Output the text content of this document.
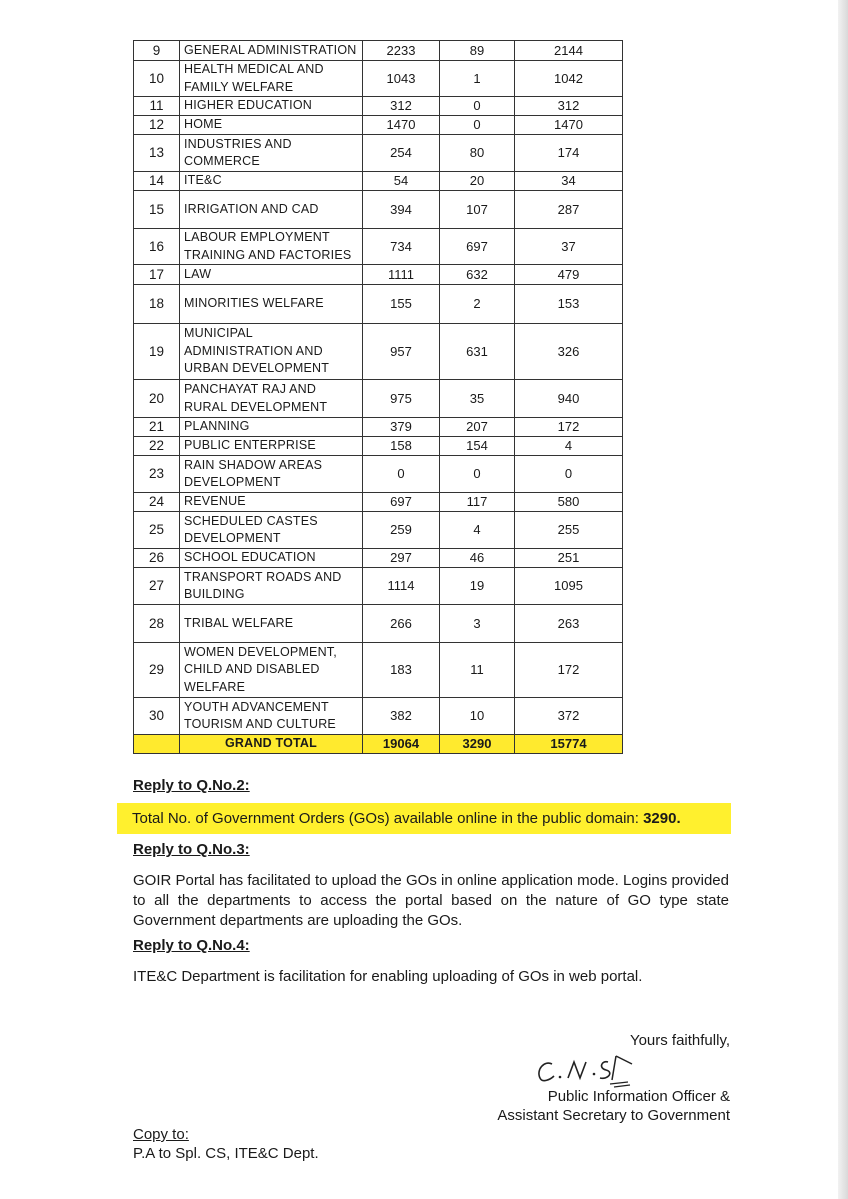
9	GENERAL ADMINISTRATION	2233	89	2144
10	HEALTH MEDICAL AND FAMILY WELFARE	1043	1	1042
11	HIGHER EDUCATION	312	0	312
12	HOME	1470	0	1470
13	INDUSTRIES AND COMMERCE	254	80	174
14	ITE&C	54	20	34
15	IRRIGATION AND CAD	394	107	287
16	LABOUR EMPLOYMENT TRAINING AND FACTORIES	734	697	37
17	LAW	1111	632	479
18	MINORITIES WELFARE	155	2	153
19	MUNICIPAL ADMINISTRATION AND URBAN DEVELOPMENT	957	631	326
20	PANCHAYAT RAJ AND RURAL DEVELOPMENT	975	35	940
21	PLANNING	379	207	172
22	PUBLIC ENTERPRISE	158	154	4
23	RAIN SHADOW AREAS DEVELOPMENT	0	0	0
24	REVENUE	697	117	580
25	SCHEDULED CASTES DEVELOPMENT	259	4	255
26	SCHOOL EDUCATION	297	46	251
27	TRANSPORT ROADS AND BUILDING	1114	19	1095
28	TRIBAL WELFARE	266	3	263
29	WOMEN DEVELOPMENT, CHILD AND DISABLED WELFARE	183	11	172
30	YOUTH ADVANCEMENT TOURISM AND CULTURE	382	10	372
	GRAND TOTAL	19064	3290	15774

Reply to Q.No.2:

Total No. of Government Orders (GOs) available online in the public domain: 3290.

Reply to Q.No.3:

GOIR Portal has facilitated to upload the GOs in online application mode. Logins provided to all the departments to access the portal based on the nature of GO type state Government departments are uploading the GOs.

Reply to Q.No.4:

ITE&C Department is facilitation for enabling uploading of GOs in web portal.

Yours faithfully,

Public Information Officer &

Assistant Secretary to Government

Copy to:

P.A to Spl. CS, ITE&C Dept.
